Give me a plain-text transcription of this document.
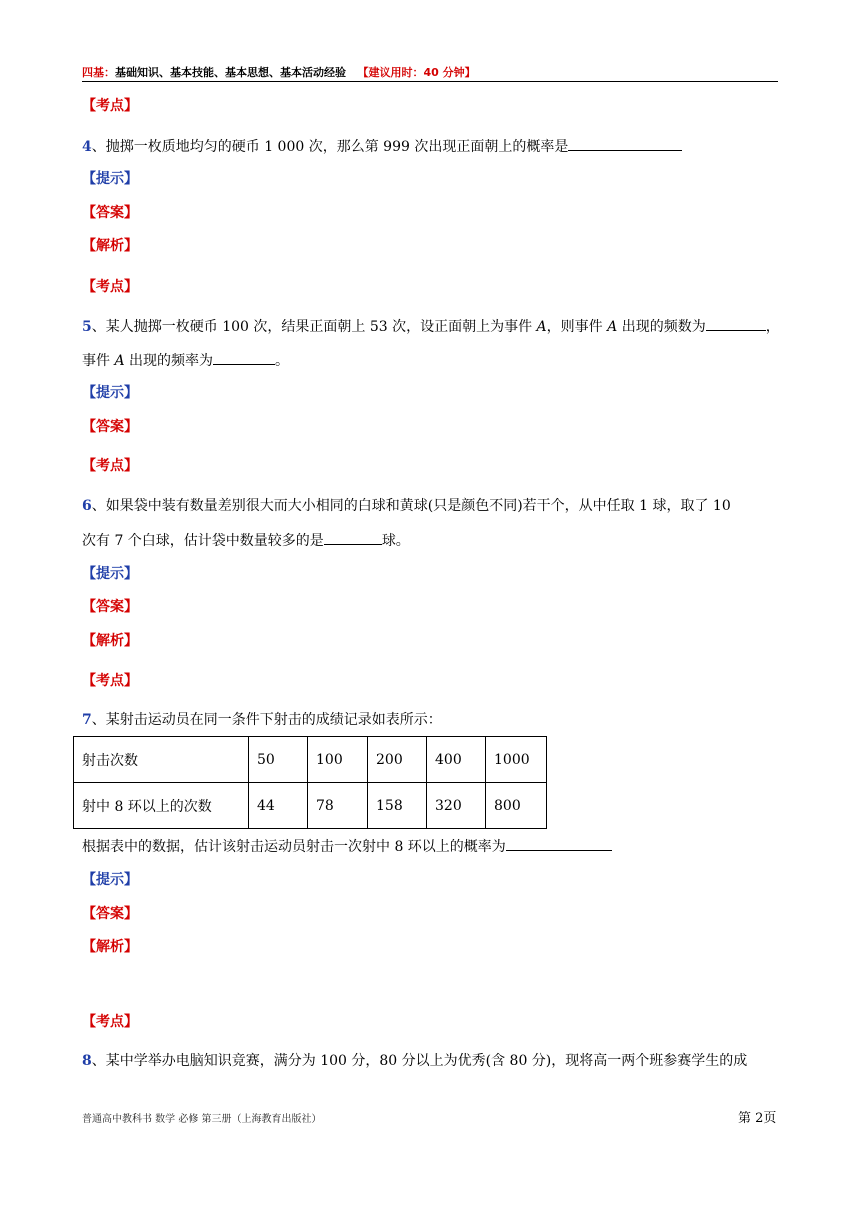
四基：基础知识、基本技能、基本思想、基本活动经验 【建议用时：40 分钟】
【考点】
4、抛掷一枚质地均匀的硬币 1 000 次，那么第 999 次出现正面朝上的概率是
【提示】
【答案】
【解析】
【考点】
5、某人抛掷一枚硬币 100 次，结果正面朝上 53 次，设正面朝上为事件 A，则事件 A 出现的频数为	，
事件 A 出现的频率为	。
【提示】
【答案】
【考点】
6、如果袋中装有数量差别很大而大小相同的白球和黄球(只是颜色不同)若干个，从中任取 1 球，取了 10
次有 7 个白球，估计袋中数量较多的是	球。
【提示】
【答案】
【解析】
【考点】
7、某射击运动员在同一条件下射击的成绩记录如表所示：
射击次数	50	100	200	400	1000
射中 8 环以上的次数	44	78	158	320	800
根据表中的数据，估计该射击运动员射击一次射中 8 环以上的概率为
【提示】
【答案】
【解析】
【考点】
8、某中学举办电脑知识竞赛，满分为 100 分，80 分以上为优秀(含 80 分)，现将高一两个班参赛学生的成
普通高中教科书 数学 必修 第三册（上海教育出版社）	第 2页
